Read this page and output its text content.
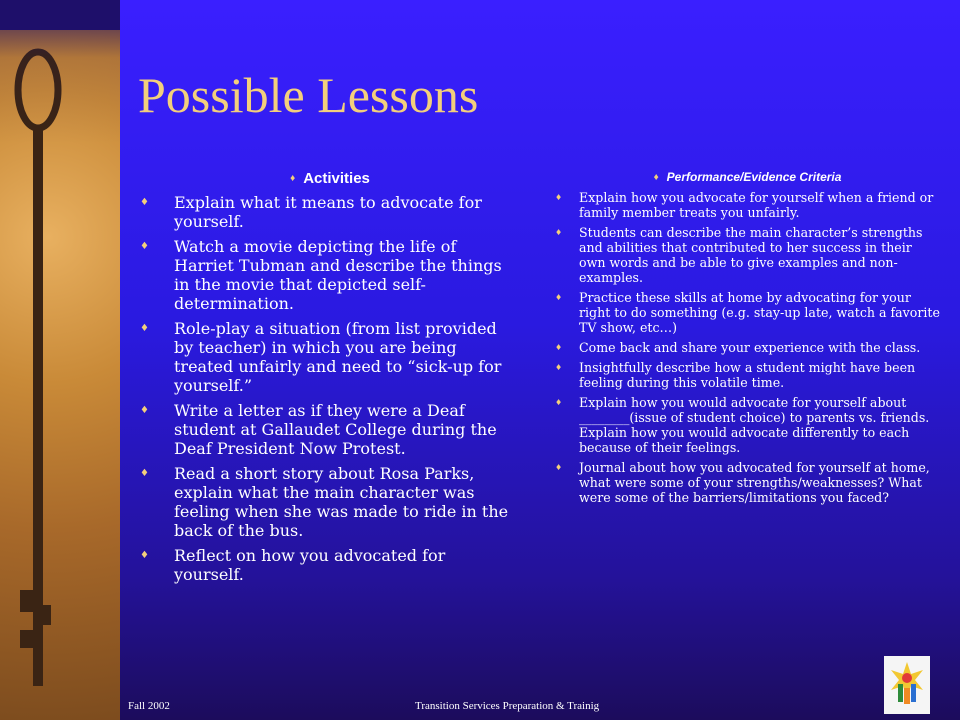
Possible Lessons
♦ Activities
♦	Explain what it means to advocate for yourself.
♦	Watch a movie depicting the life of Harriet Tubman and describe the things in the movie that depicted self-determination.
♦	Role-play a situation (from list provided by teacher) in which you are being treated unfairly and need to “sick-up for yourself.”
♦	Write a letter as if they were a Deaf student at Gallaudet College during the Deaf President Now Protest.
♦	Read a short story about Rosa Parks, explain what the main character was feeling when she was made to ride in the back of the bus.
♦	Reflect on how you advocated for yourself.
♦ Performance/Evidence Criteria
♦	Explain how you advocate for yourself when a friend or family member treats you unfairly.
♦	Students can describe the main character’s strengths and abilities that contributed to her success in their own words and be able to give examples and non-examples.
♦	Practice these skills at home by advocating for your right to do something (e.g. stay-up late, watch a favorite TV show, etc…)
♦	Come back and share your experience with the class.
♦	Insightfully describe how a student might have been feeling during this volatile time.
♦	Explain how you would advocate for yourself about ________(issue of student choice) to parents vs. friends. Explain how you would advocate differently to each because of their feelings.
♦	Journal about how you advocated for yourself at home, what were some of your strengths/weaknesses? What were some of the barriers/limitations you faced?
Fall 2002	Transition Services Preparation & Trainig
